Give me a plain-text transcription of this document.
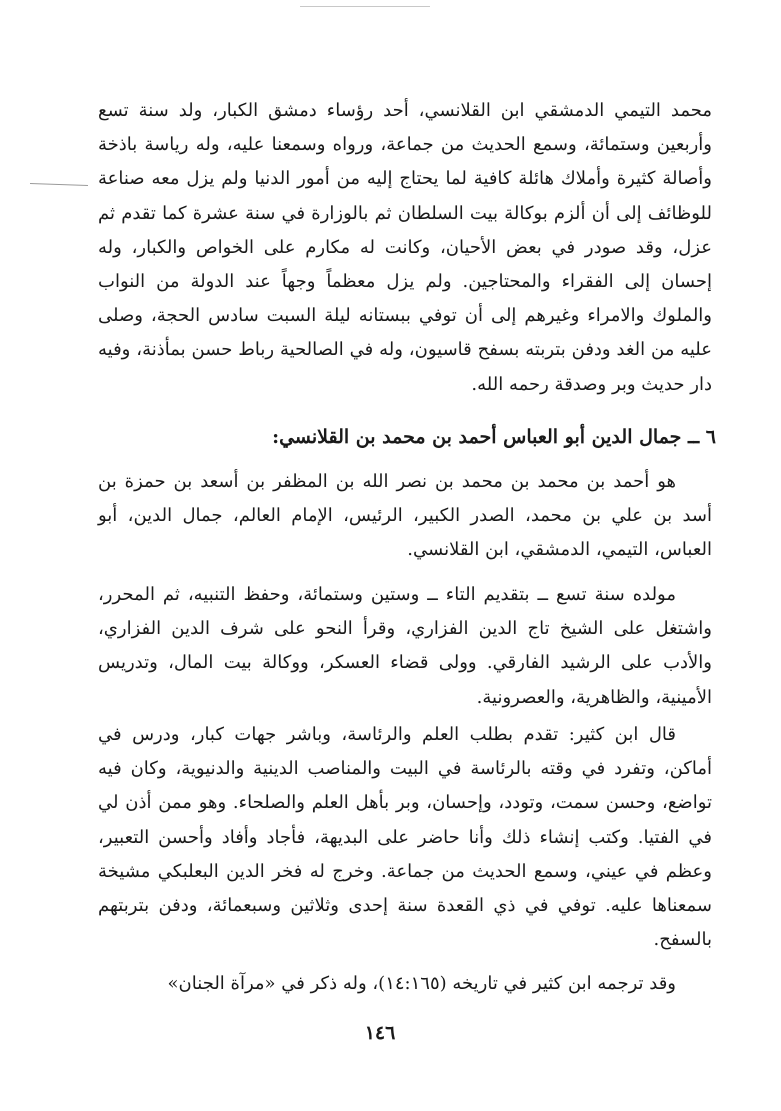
محمد التيمي الدمشقي ابن القلانسي، أحد رؤساء دمشق الكبار، ولد سنة تسع وأربعين وستمائة، وسمع الحديث من جماعة، ورواه وسمعنا عليه، وله رياسة باذخة وأصالة كثيرة وأملاك هائلة كافية لما يحتاج إليه من أمور الدنيا ولم يزل معه صناعة للوظائف إلى أن ألزم بوكالة بيت السلطان ثم بالوزارة في سنة عشرة كما تقدم ثم عزل، وقد صودر في بعض الأحيان، وكانت له مكارم على الخواص والكبار، وله إحسان إلى الفقراء والمحتاجين. ولم يزل معظماً وجهاً عند الدولة من النواب والملوك والامراء وغيرهم إلى أن توفي ببستانه ليلة السبت سادس الحجة، وصلى عليه من الغد ودفن بتربته بسفح قاسيون، وله في الصالحية رباط حسن بمأذنة، وفيه دار حديث وبر وصدقة رحمه الله.

٦ ــ جمال الدين أبو العباس أحمد بن محمد بن القلانسي:

هو أحمد بن محمد بن محمد بن نصر الله بن المظفر بن أسعد بن حمزة بن أسد بن علي بن محمد، الصدر الكبير، الرئيس، الإمام العالم، جمال الدين، أبو العباس، التيمي، الدمشقي، ابن القلانسي.

مولده سنة تسع ــ بتقديم التاء ــ وستين وستمائة، وحفظ التنبيه، ثم المحرر، واشتغل على الشيخ تاج الدين الفزاري، وقرأ النحو على شرف الدين الفزاري، والأدب على الرشيد الفارقي. وولى قضاء العسكر، ووكالة بيت المال، وتدريس الأمينية، والظاهرية، والعصرونية.

قال ابن كثير: تقدم بطلب العلم والرئاسة، وباشر جهات كبار، ودرس في أماكن، وتفرد في وقته بالرئاسة في البيت والمناصب الدينية والدنيوية، وكان فيه تواضع، وحسن سمت، وتودد، وإحسان، وبر بأهل العلم والصلحاء. وهو ممن أذن لي في الفتيا. وكتب إنشاء ذلك وأنا حاضر على البديهة، فأجاد وأفاد وأحسن التعبير، وعظم في عيني، وسمع الحديث من جماعة. وخرج له فخر الدين البعلبكي مشيخة سمعناها عليه. توفي في ذي القعدة سنة إحدى وثلاثين وسبعمائة، ودفن بتربتهم بالسفح.

وقد ترجمه ابن كثير في تاريخه (١٤:١٦٥)، وله ذكر في «مرآة الجنان»

١٤٦
